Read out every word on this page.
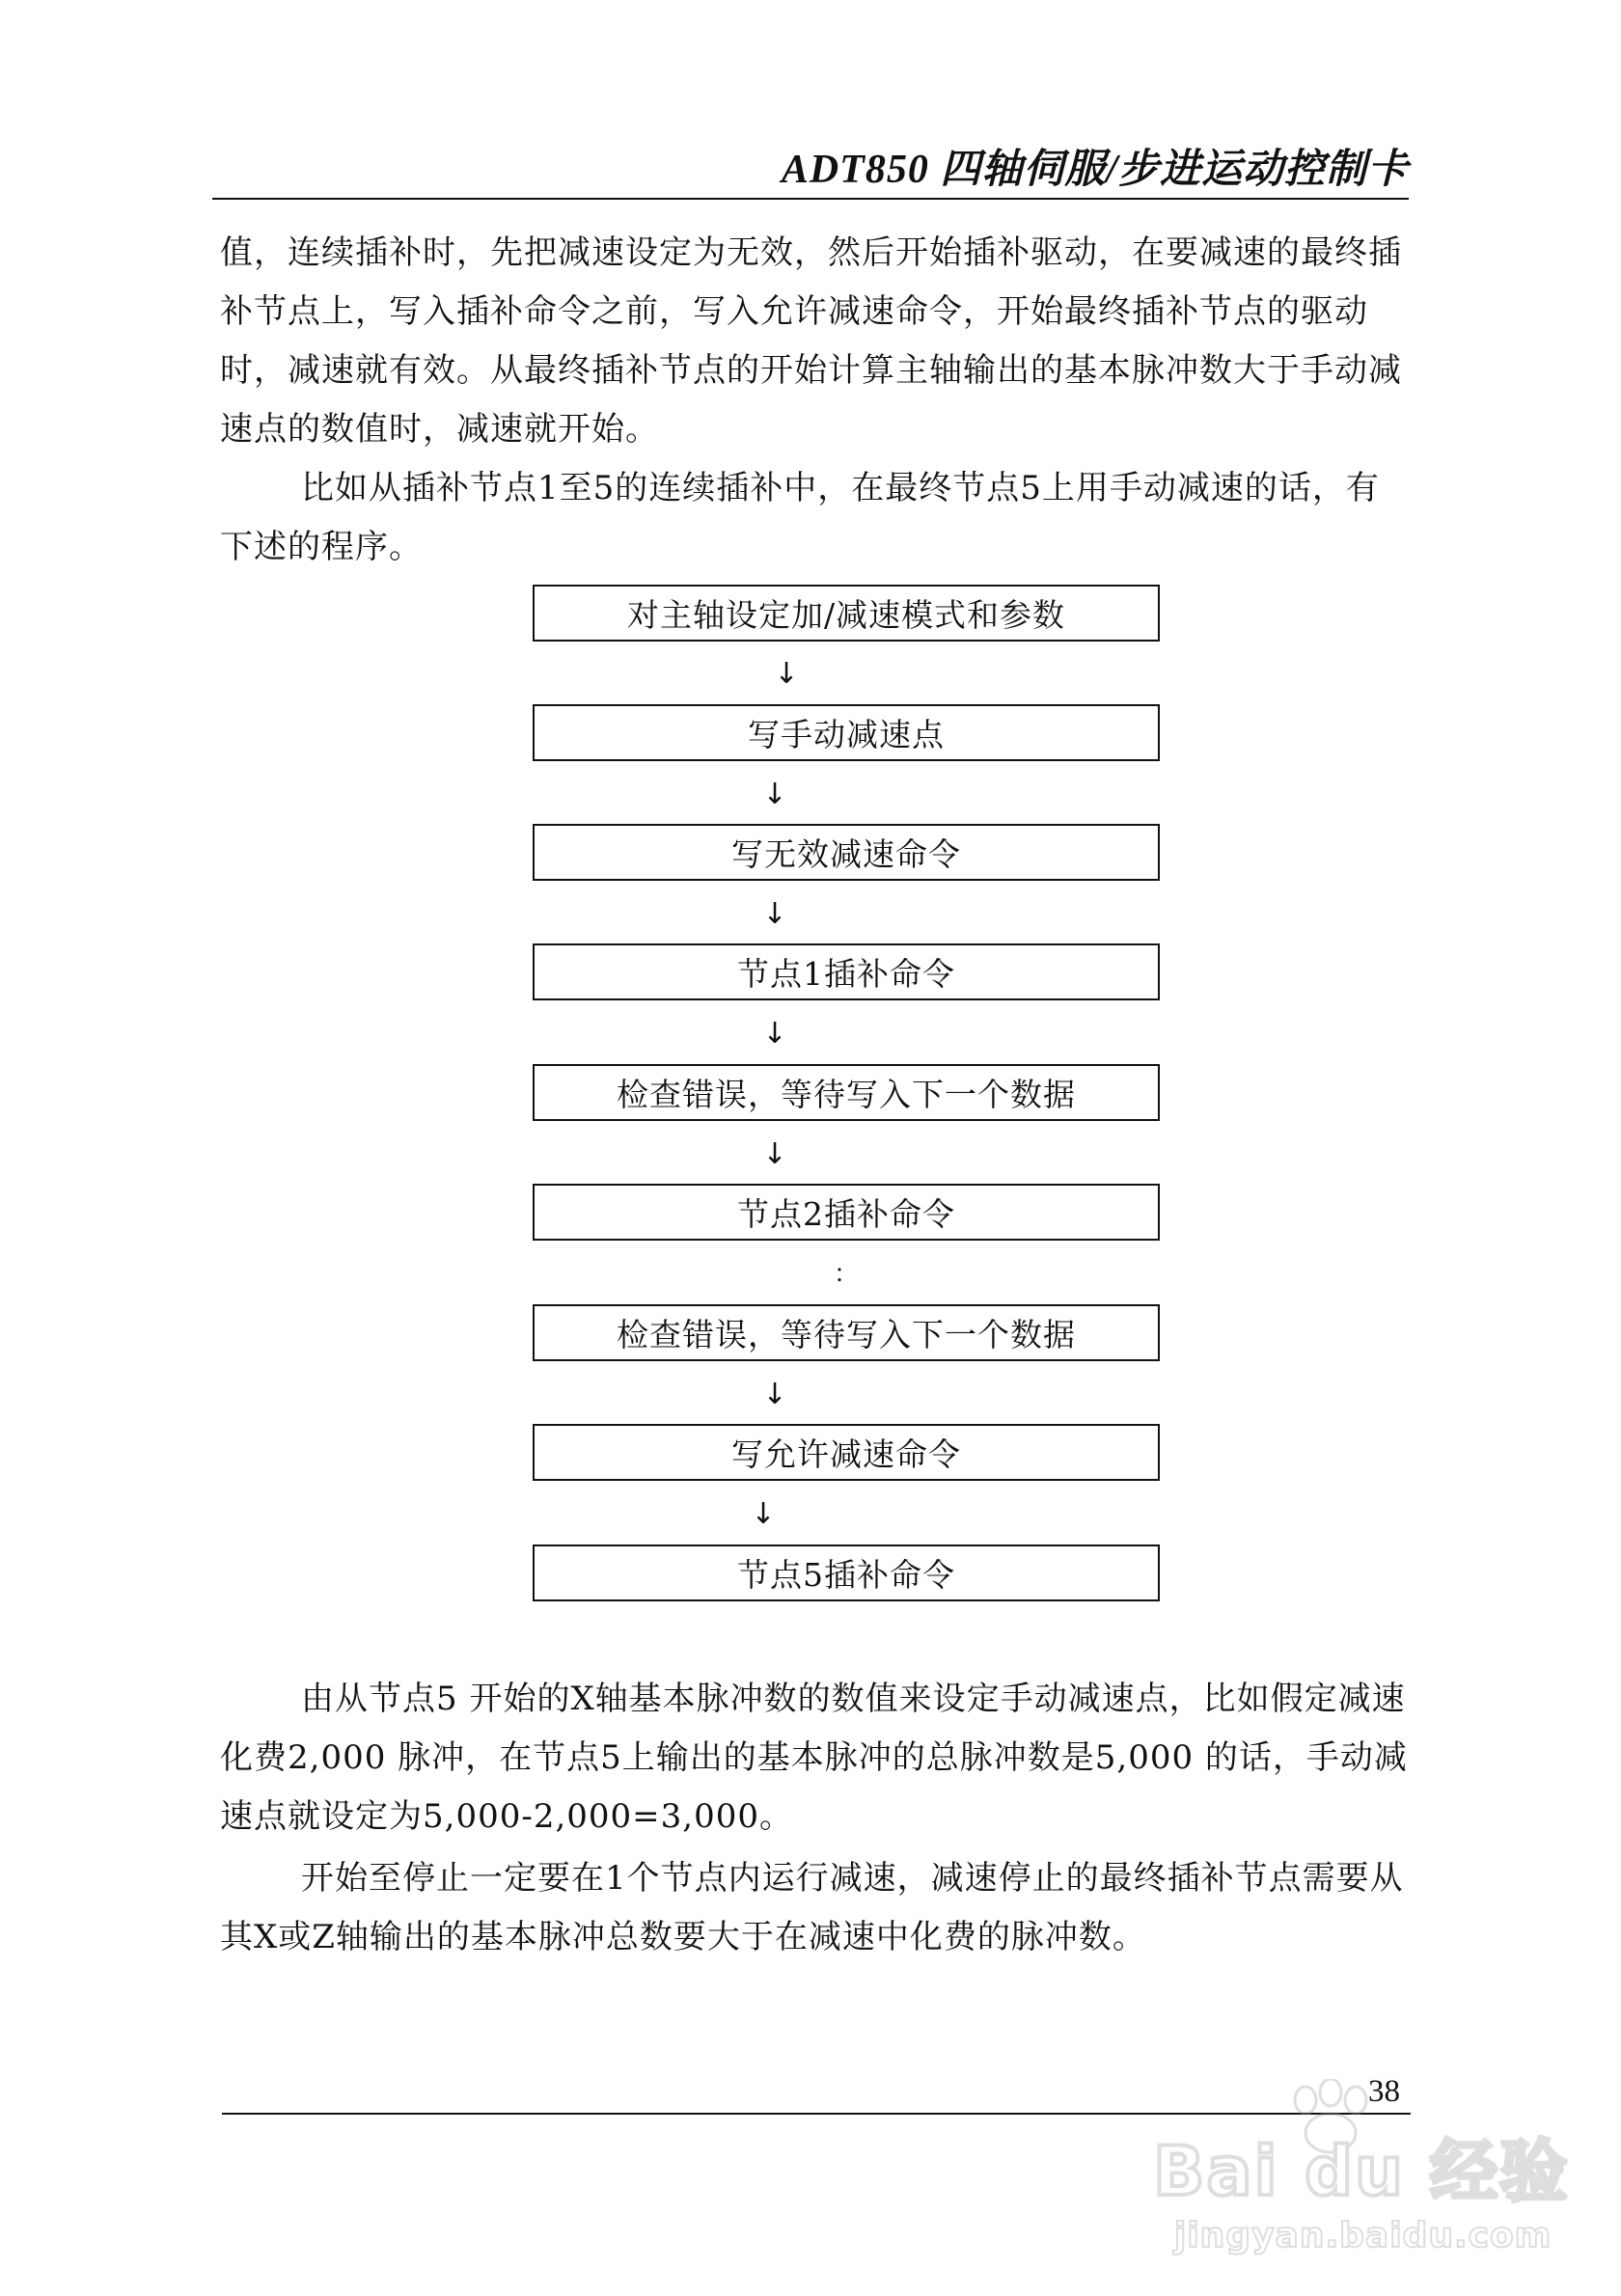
ADT850 四轴伺服/步进运动控制卡

值，连续插补时，先把减速设定为无效，然后开始插补驱动，在要减速的最终插补节点上，写入插补命令之前，写入允许减速命令，开始最终插补节点的驱动时，减速就有效。从最终插补节点的开始计算主轴输出的基本脉冲数大于手动减速点的数值时，减速就开始。

比如从插补节点1至5的连续插补中，在最终节点5上用手动减速的话，有下述的程序。

对主轴设定加/减速模式和参数
↓
写手动减速点
↓
写无效减速命令
↓
节点1插补命令
↓
检查错误，等待写入下一个数据
↓
节点2插补命令
：
检查错误，等待写入下一个数据
↓
写允许减速命令
↓
节点5插补命令

由从节点5 开始的X轴基本脉冲数的数值来设定手动减速点，比如假定减速化费2,000 脉冲，在节点5上输出的基本脉冲的总脉冲数是5,000 的话，手动减速点就设定为5,000-2,000=3,000。

开始至停止一定要在1个节点内运行减速，减速停止的最终插补节点需要从其X或Z轴输出的基本脉冲总数要大于在减速中化费的脉冲数。

38
Bai du 经验
jingyan.baidu.com
